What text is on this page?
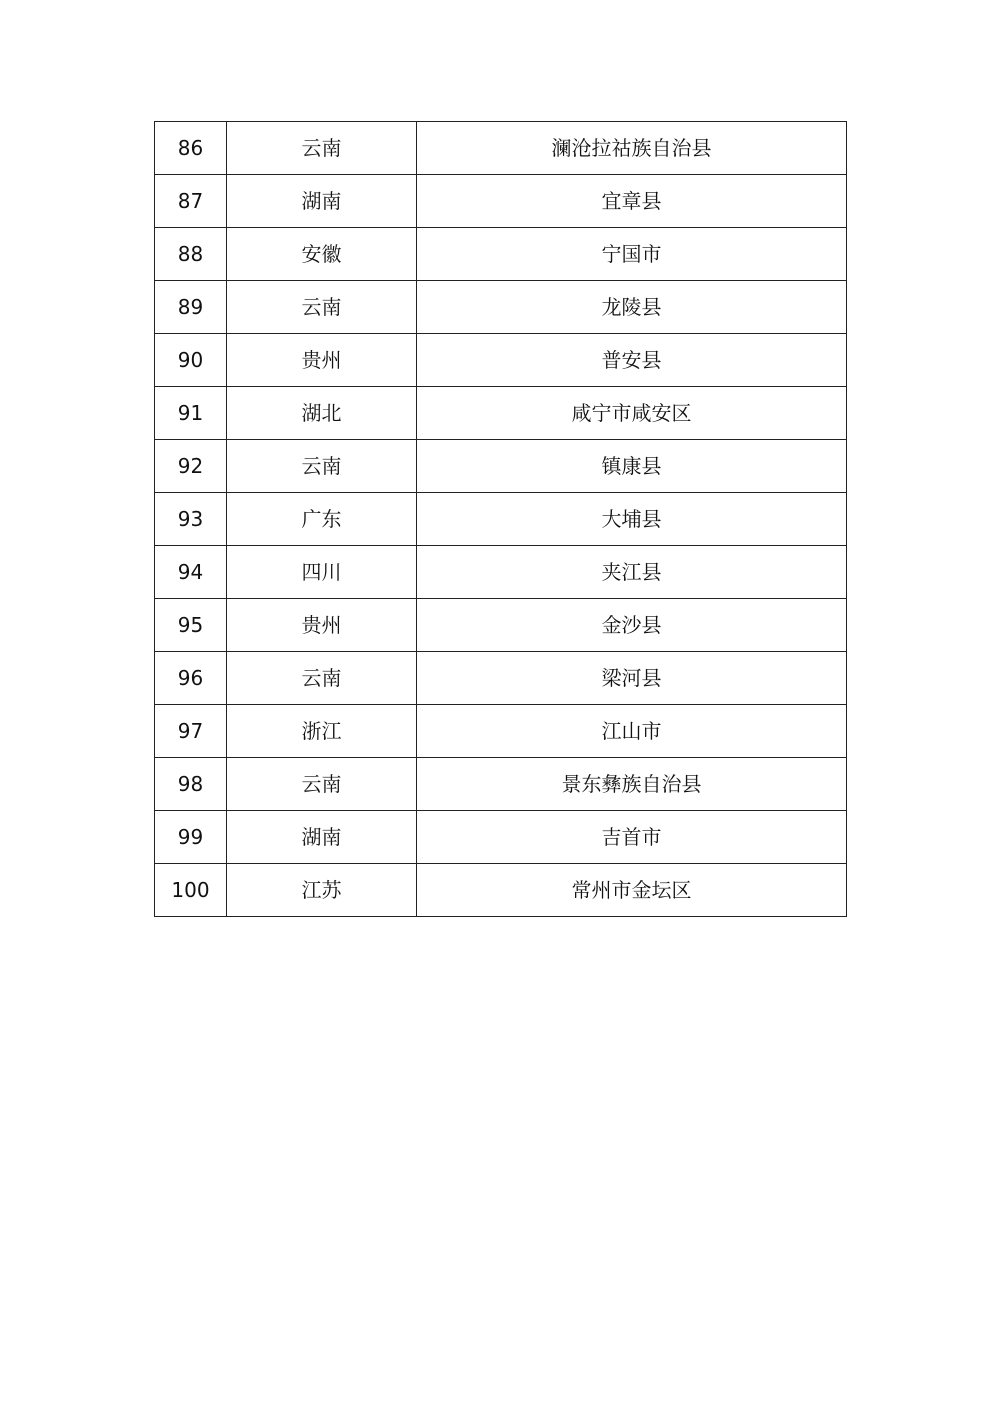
86	云南	澜沧拉祜族自治县
87	湖南	宜章县
88	安徽	宁国市
89	云南	龙陵县
90	贵州	普安县
91	湖北	咸宁市咸安区
92	云南	镇康县
93	广东	大埔县
94	四川	夹江县
95	贵州	金沙县
96	云南	梁河县
97	浙江	江山市
98	云南	景东彝族自治县
99	湖南	吉首市
100	江苏	常州市金坛区
